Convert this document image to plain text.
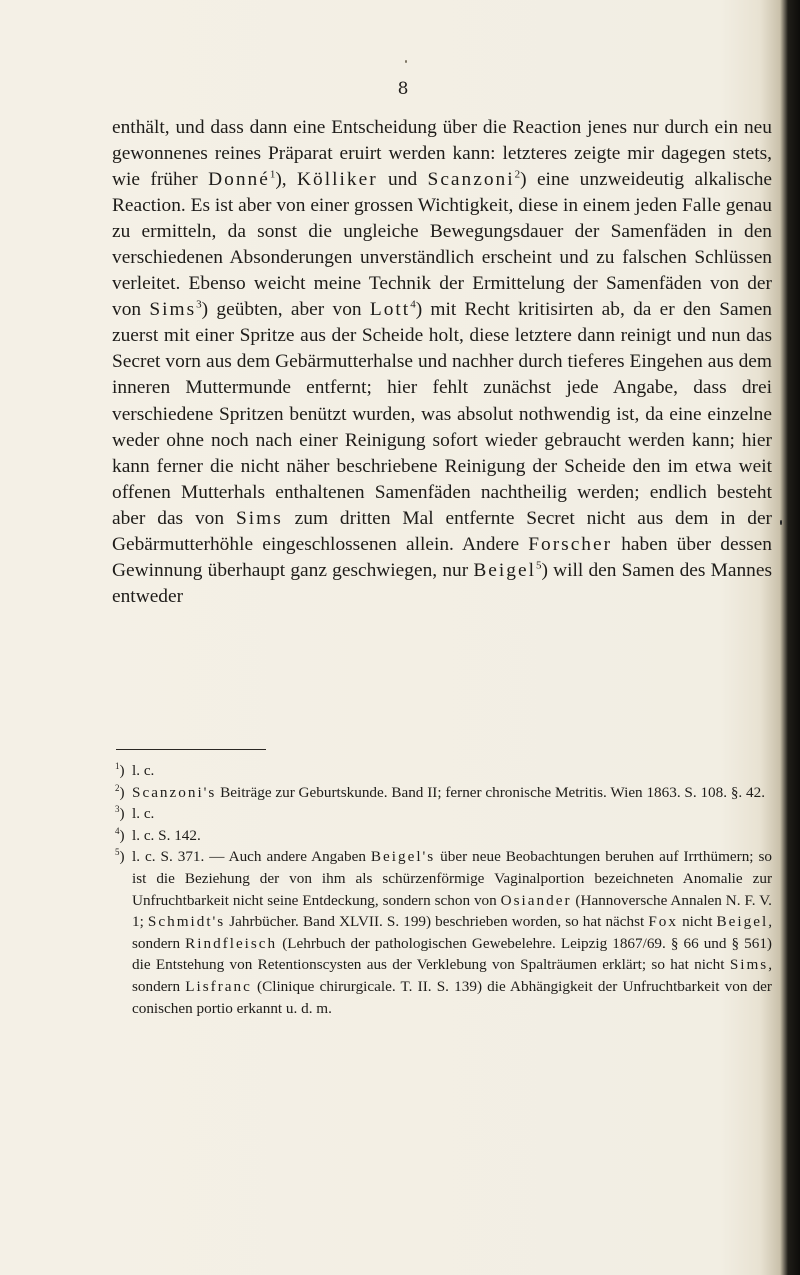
8

enthält, und dass dann eine Entscheidung über die Reaction jenes nur durch ein neu gewonnenes reines Präparat eruirt werden kann: letzteres zeigte mir dagegen stets, wie früher Donné$^1$), Kölliker und Scanzoni$^2$) eine unzweideutig alkalische Reaction. Es ist aber von einer grossen Wichtigkeit, diese in einem jeden Falle genau zu ermitteln, da sonst die ungleiche Bewegungsdauer der Samenfäden in den verschiedenen Absonderungen unverständlich erscheint und zu falschen Schlüssen verleitet. Ebenso weicht meine Technik der Ermittelung der Samenfäden von der von Sims$^3$) geübten, aber von Lott$^4$) mit Recht kritisirten ab, da er den Samen zuerst mit einer Spritze aus der Scheide holt, diese letztere dann reinigt und nun das Secret vorn aus dem Gebärmutterhalse und nachher durch tieferes Eingehen aus dem inneren Muttermunde entfernt; hier fehlt zunächst jede Angabe, dass drei verschiedene Spritzen benützt wurden, was absolut nothwendig ist, da eine einzelne weder ohne noch nach einer Reinigung sofort wieder gebraucht werden kann; hier kann ferner die nicht näher beschriebene Reinigung der Scheide den im etwa weit offenen Mutterhals enthaltenen Samenfäden nachtheilig werden; endlich besteht aber das von Sims zum dritten Mal entfernte Secret nicht aus dem in der Gebärmutterhöhle eingeschlossenen allein. Andere Forscher haben über dessen Gewinnung überhaupt ganz geschwiegen, nur Beigel$^5$) will den Samen des Mannes entweder

$^1$) l. c.
$^2$) Scanzoni's Beiträge zur Geburtskunde. Band II; ferner chronische Metritis. Wien 1863. S. 108. §. 42.
$^3$) l. c.
$^4$) l. c. S. 142.
$^5$) l. c. S. 371. — Auch andere Angaben Beigel's über neue Beobachtungen beruhen auf Irrthümern; so ist die Beziehung der von ihm als schürzenförmige Vaginalportion bezeichneten Anomalie zur Unfruchtbarkeit nicht seine Entdeckung, sondern schon von Osiander (Hannoversche Annalen N. F. V. 1; Schmidt's Jahrbücher. Band XLVII. S. 199) beschrieben worden, so hat nächst Fox nicht Beigel, sondern Rindfleisch (Lehrbuch der pathologischen Gewebelehre. Leipzig 1867/69. § 66 und § 561) die Entstehung von Retentionscysten aus der Verklebung von Spalträumen erklärt; so hat nicht Sims, sondern Lisfranc (Clinique chirurgicale. T. II. S. 139) die Abhängigkeit der Unfruchtbarkeit von der conischen portio erkannt u. d. m.
